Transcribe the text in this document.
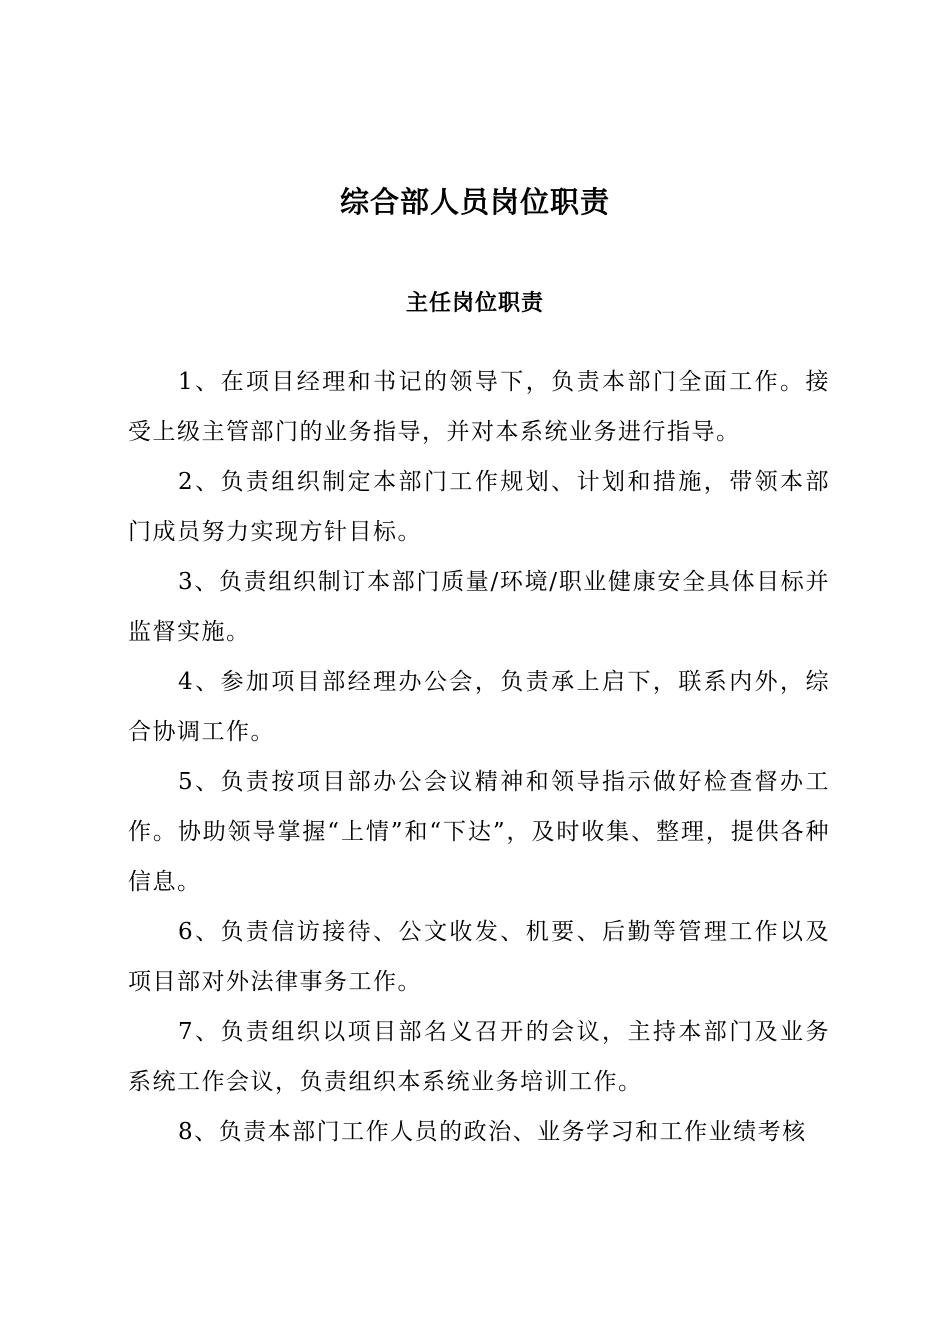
综合部人员岗位职责
主任岗位职责

1、在项目经理和书记的领导下，负责本部门全面工作。接受上级主管部门的业务指导，并对本系统业务进行指导。

2、负责组织制定本部门工作规划、计划和措施，带领本部门成员努力实现方针目标。

3、负责组织制订本部门质量/环境/职业健康安全具体目标并监督实施。

4、参加项目部经理办公会，负责承上启下，联系内外，综合协调工作。

5、负责按项目部办公会议精神和领导指示做好检查督办工作。协助领导掌握“上情”和“下达”，及时收集、整理，提供各种信息。

6、负责信访接待、公文收发、机要、后勤等管理工作以及项目部对外法律事务工作。

7、负责组织以项目部名义召开的会议，主持本部门及业务系统工作会议，负责组织本系统业务培训工作。

8、负责本部门工作人员的政治、业务学习和工作业绩考核
